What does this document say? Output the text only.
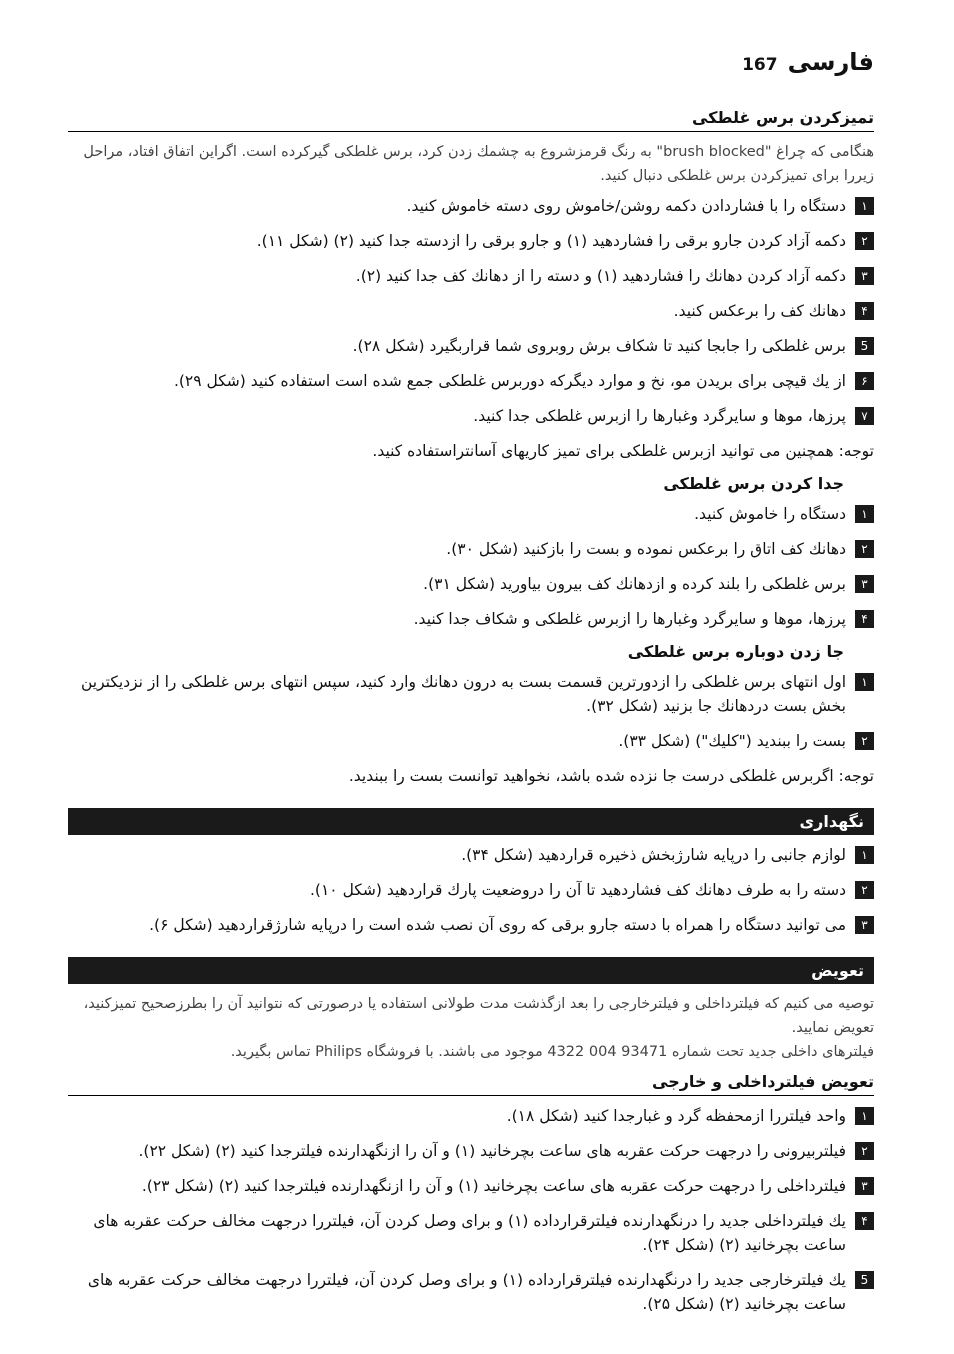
167 فارسی
تمیزکردن برس غلطکی

هنگامی که چراغ "brush blocked" به رنگ قرمزشروع به چشمك زدن کرد، برس غلطکی گیرکرده است. اگراین اتفاق افتاد، مراحل زیررا برای تمیزکردن برس غلطکی دنبال کنید.

۱
دستگاه را با فشاردادن دکمه روشن/خاموش روی دسته خاموش کنید.
۲
دکمه آزاد کردن جارو برقی را فشاردهید (۱) و جارو برقی را ازدسته جدا کنید (۲) (شکل ۱۱).
۳
دکمه آزاد کردن دهانك را فشاردهید (۱) و دسته را از دهانك کف جدا کنید (۲).
۴
دهانك کف را برعکس کنید.
5
برس غلطکی را جابجا کنید تا شکاف برش روبروی شما قراربگیرد (شکل ۲۸).
۶
از یك قیچی برای بریدن مو، نخ و موارد دیگرکه دوربرس غلطکی جمع شده است استفاده کنید (شکل ۲۹).
۷
پرزها، موها و سایرگرد وغبارها را ازبرس غلطکی جدا کنید.

توجه: همچنین می توانید ازبرس غلطکی برای تمیز کاریهای آسانتراستفاده کنید.

جدا کردن برس غلطکی
۱
دستگاه را خاموش کنید.
۲
دهانك کف اتاق را برعکس نموده و بست را بازکنید (شکل ۳۰).
۳
برس غلطکی را بلند کرده و ازدهانك کف بیرون بیاورید (شکل ۳۱).
۴
پرزها، موها و سایرگرد وغبارها را ازبرس غلطکی و شکاف جدا کنید.
جا زدن دوباره برس غلطکی
۱
اول انتهای برس غلطکی را ازدورترین قسمت بست به درون دهانك وارد کنید، سپس انتهای برس غلطکی را از نزدیکترین بخش بست دردهانك جا بزنید (شکل ۳۲).
۲
بست را ببندید ("کلیك") (شکل ۳۳).

توجه: اگربرس غلطکی درست جا نزده شده باشد، نخواهید توانست بست را ببندید.

نگهداری
۱
لوازم جانبی را درپایه شارژبخش ذخیره قراردهید (شکل ۳۴).
۲
دسته را به طرف دهانك کف فشاردهید تا آن را دروضعیت پارك قراردهید (شکل ۱۰).
۳
می توانید دستگاه را همراه با دسته جارو برقی که روی آن نصب شده است را درپایه شارژقراردهید (شکل ۶).
تعویض

توصیه می کنیم که فیلترداخلی و فیلترخارجی را بعد ازگذشت مدت طولانی استفاده یا درصورتی که نتوانید آن را بطرزصحیح تمیزکنید، تعویض نمایید.

فیلترهای داخلی جدید تحت شماره 93471 004 4322 موجود می باشند. با فروشگاه Philips تماس بگیرید.

تعویض فیلترداخلی و خارجی
۱
واحد فیلتررا ازمحفظه گرد و غبارجدا کنید (شکل ۱۸).
۲
فیلتربیرونی را درجهت حرکت عقربه های ساعت بچرخانید (۱) و آن را ازنگهدارنده فیلترجدا کنید (۲) (شکل ۲۲).
۳
فیلترداخلی را درجهت حرکت عقربه های ساعت بچرخانید (۱) و آن را ازنگهدارنده فیلترجدا کنید (۲) (شکل ۲۳).
۴
یك فیلترداخلی جدید را درنگهدارنده فیلترقرارداده (۱) و برای وصل کردن آن، فیلتررا درجهت مخالف حرکت عقربه های ساعت بچرخانید (۲) (شکل ۲۴).
5
یك فیلترخارجی جدید را درنگهدارنده فیلترقرارداده (۱) و برای وصل کردن آن، فیلتررا درجهت مخالف حرکت عقربه های ساعت بچرخانید (۲) (شکل ۲۵).
